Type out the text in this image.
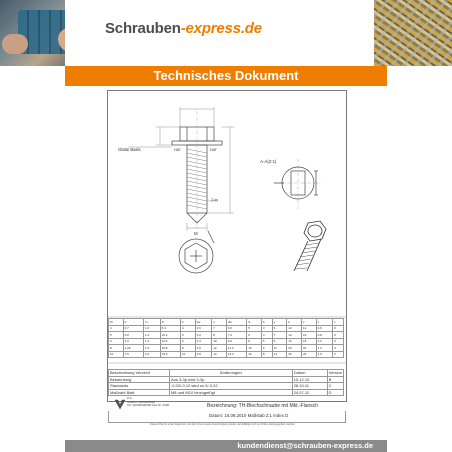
Schrauben-express.de
Technisches Dokument
Glatte Basis
A-A(2:1)
HAT	HAT
M
Z-dv
M	d	m	D	k	kw	s	dw	S	b	e	h	z	c	v
4	0.7	1.0	8.4	4	1.6	7	6.0	5	3	6	12	14	0.6	0
5	0.8	1.2	10.2	5	2.0	8	7.2	6	4	7	14	16	0.8	0
6	1.0	1.4	12.6	6	2.4	10	9.0	8	5	9	16	18	1.0	0
8	1.25	1.6	15.8	8	3.0	12	11.3	10	6	11	20	22	1.2	0
10	1.5	2.0	19.6	10	3.8	14	13.2	12	8	13	25	26	1.5	0
Beschreibung Verzicht	Änderungen	Datum	Version
Bekanntung	Aus 3-3p wird 3-3p	10.12.10	B
Standards	-0,02/-0,12 wird zu 0/-0,22	28.10.11	C
Maßzahl Blatt	M8 und M10 hinzugefügt	24.07.12	D
Z.A.
Telefon: 0000000000
Tel. (0)000000000 Fax Nr. 0000	Bezeichnung: TH-Blechschraube mit Mkt.-Flansch
Datum: 16.09.2010 Maßstab 2:1 Index D
Dieses Plan ist unser Eigentum und darf ohne unsere Genehmigung weder vervielfältigt noch an Dritte weitergegeben werden.
kundendienst@schrauben-express.de
